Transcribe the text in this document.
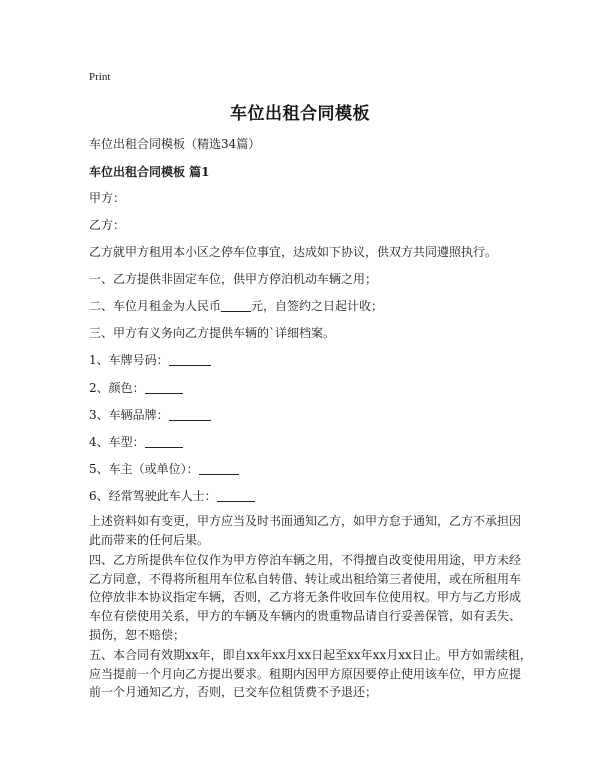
Print
车位出租合同模板
车位出租合同模板（精选34篇）
车位出租合同模板 篇1
甲方：
乙方：
乙方就甲方租用本小区之停车位事宜，达成如下协议，供双方共同遵照执行。
一、乙方提供非固定车位，供甲方停泊机动车辆之用；
二、车位月租金为人民币	元，自签约之日起计收；
三、甲方有义务向乙方提供车辆的`详细档案。
1、车牌号码：
2、颜色：
3、车辆品牌：
4、车型：
5、车主（或单位）：
6、经常驾驶此车人士：
上述资料如有变更，甲方应当及时书面通知乙方，如甲方怠于通知，乙方不承担因
此而带来的任何后果。
四、乙方所提供车位仅作为甲方停泊车辆之用，不得擅自改变使用用途，甲方未经
乙方同意，不得将所租用车位私自转借、转让或出租给第三者使用，或在所租用车
位停放非本协议指定车辆，否则，乙方将无条件收回车位使用权。甲方与乙方形成
车位有偿使用关系，甲方的车辆及车辆内的贵重物品请自行妥善保管，如有丢失、
损伤，恕不赔偿；
五、本合同有效期xx年，即自xx年xx月xx日起至xx年xx月xx日止。甲方如需续租，
应当提前一个月向乙方提出要求。租期内因甲方原因要停止使用该车位，甲方应提
前一个月通知乙方，否则，已交车位租赁费不予退还；
